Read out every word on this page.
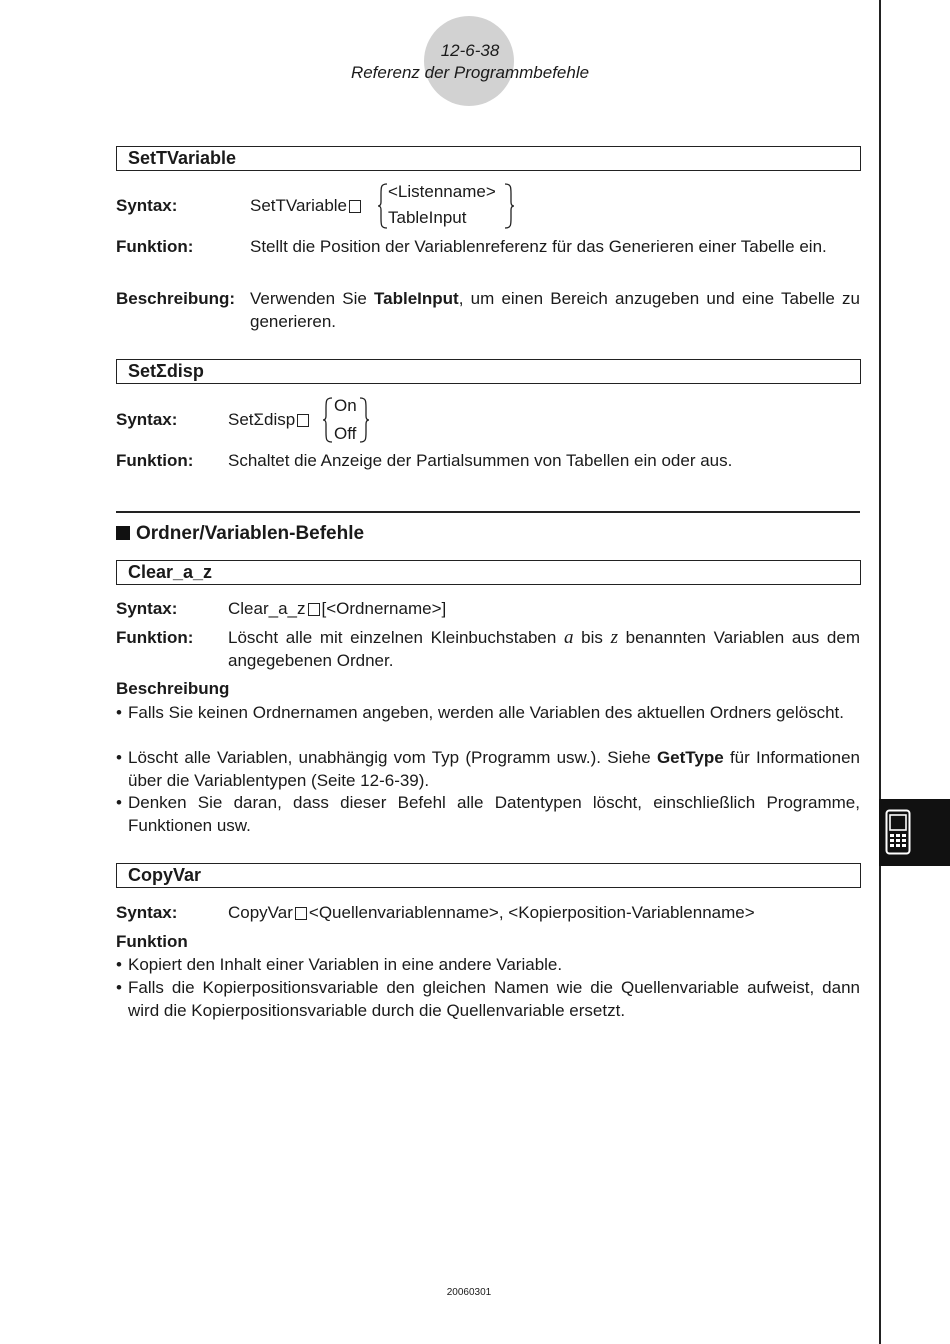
12-6-38
Referenz der Programmbefehle
SetTVariable
Syntax:	SetTVariable
<Listenname>
TableInput
Funktion:	Stellt die Position der Variablenreferenz für das Generieren einer Tabelle ein.
Beschreibung: Verwenden Sie TableInput, um einen Bereich anzugeben und eine Tabelle zu generieren.
SetΣdisp
Syntax:	SetΣdisp
On
Off
Funktion: Schaltet die Anzeige der Partialsummen von Tabellen ein oder aus.
Ordner/Variablen-Befehle
Clear_a_z
Syntax:	Clear_a_z [<Ordnername>]
Funktion: Löscht alle mit einzelnen Kleinbuchstaben a bis z benannten Variablen aus dem angegebenen Ordner.
Beschreibung
• Falls Sie keinen Ordnernamen angeben, werden alle Variablen des aktuellen Ordners gelöscht.
• Löscht alle Variablen, unabhängig vom Typ (Programm usw.). Siehe GetType für Informationen über die Variablentypen (Seite 12-6-39).
• Denken Sie daran, dass dieser Befehl alle Datentypen löscht, einschließlich Programme, Funktionen usw.
CopyVar
Syntax:	CopyVar <Quellenvariablenname>, <Kopierposition-Variablenname>
Funktion
• Kopiert den Inhalt einer Variablen in eine andere Variable.
• Falls die Kopierpositionsvariable den gleichen Namen wie die Quellenvariable aufweist, dann wird die Kopierpositionsvariable durch die Quellenvariable ersetzt.
20060301
